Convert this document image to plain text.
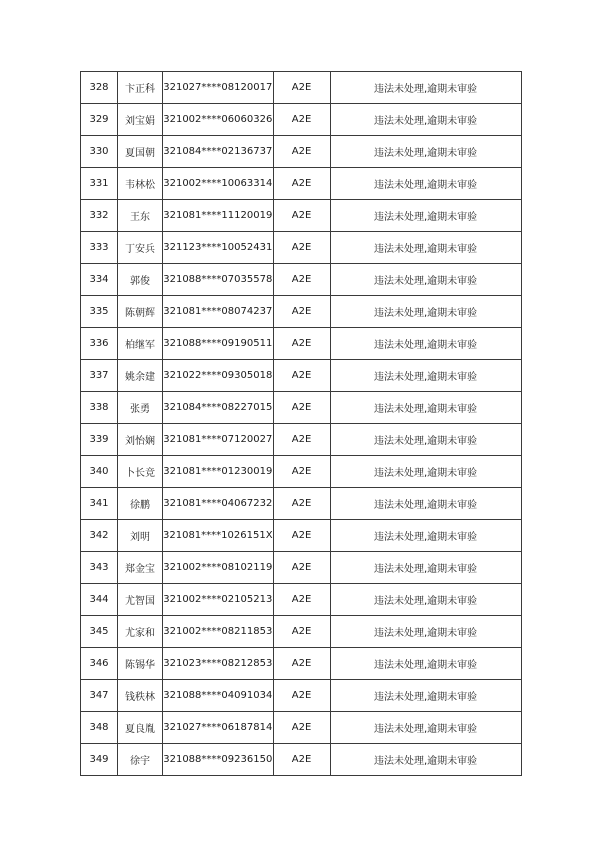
328	卞正科	321027****08120017	A2E	违法未处理,逾期未审验
329	刘宝娟	321002****06060326	A2E	违法未处理,逾期未审验
330	夏国朝	321084****02136737	A2E	违法未处理,逾期未审验
331	韦林松	321002****10063314	A2E	违法未处理,逾期未审验
332	王东	321081****11120019	A2E	违法未处理,逾期未审验
333	丁安兵	321123****10052431	A2E	违法未处理,逾期未审验
334	郭俊	321088****07035578	A2E	违法未处理,逾期未审验
335	陈朝辉	321081****08074237	A2E	违法未处理,逾期未审验
336	柏继军	321088****09190511	A2E	违法未处理,逾期未审验
337	姚余建	321022****09305018	A2E	违法未处理,逾期未审验
338	张勇	321084****08227015	A2E	违法未处理,逾期未审验
339	刘怡娴	321081****07120027	A2E	违法未处理,逾期未审验
340	卜长竞	321081****01230019	A2E	违法未处理,逾期未审验
341	徐鹏	321081****04067232	A2E	违法未处理,逾期未审验
342	刘明	321081****1026151X	A2E	违法未处理,逾期未审验
343	郑金宝	321002****08102119	A2E	违法未处理,逾期未审验
344	尤智国	321002****02105213	A2E	违法未处理,逾期未审验
345	尤家和	321002****08211853	A2E	违法未处理,逾期未审验
346	陈锡华	321023****08212853	A2E	违法未处理,逾期未审验
347	钱秩林	321088****04091034	A2E	违法未处理,逾期未审验
348	夏良胤	321027****06187814	A2E	违法未处理,逾期未审验
349	徐宇	321088****09236150	A2E	违法未处理,逾期未审验
